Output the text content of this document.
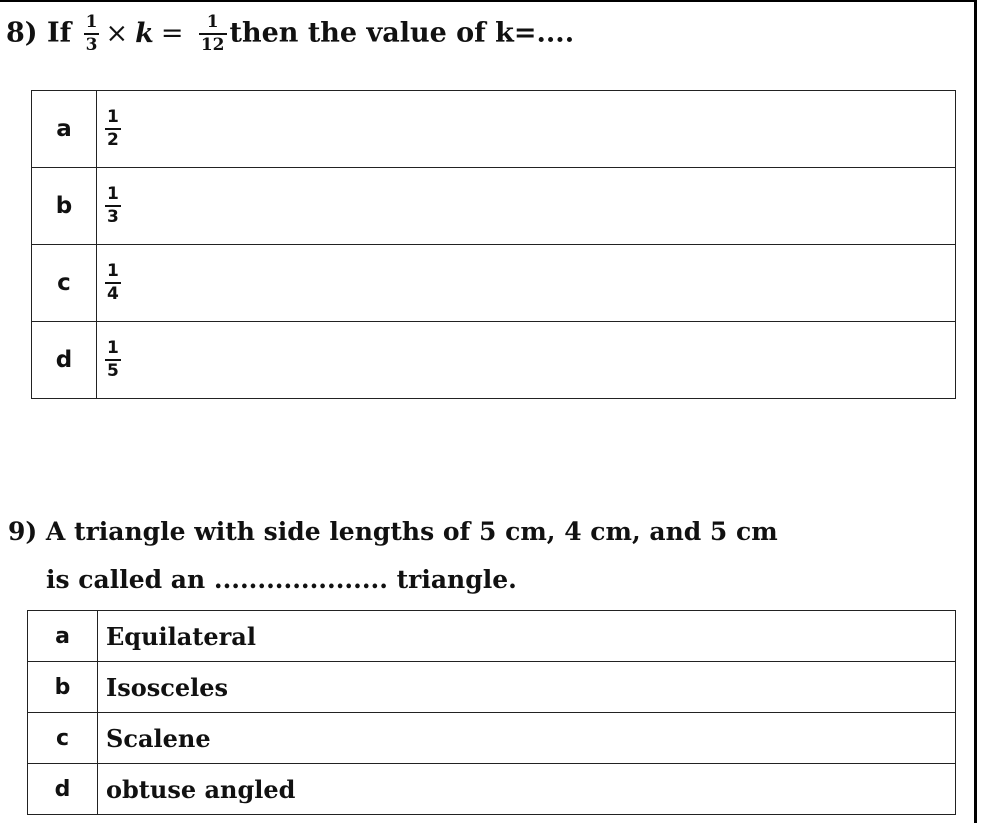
8) If $\frac{1}{3} \times k = \frac{1}{12}$ then the value of k=....
a	$\frac{1}{2}$

b	$\frac{1}{3}$

c	$\frac{1}{4}$

d	$\frac{1}{5}$
9) A triangle with side lengths of 5 cm, 4 cm, and 5 cm
is called an .................... triangle.
a	Equilateral
b	Isosceles
c	Scalene
d	obtuse angled
